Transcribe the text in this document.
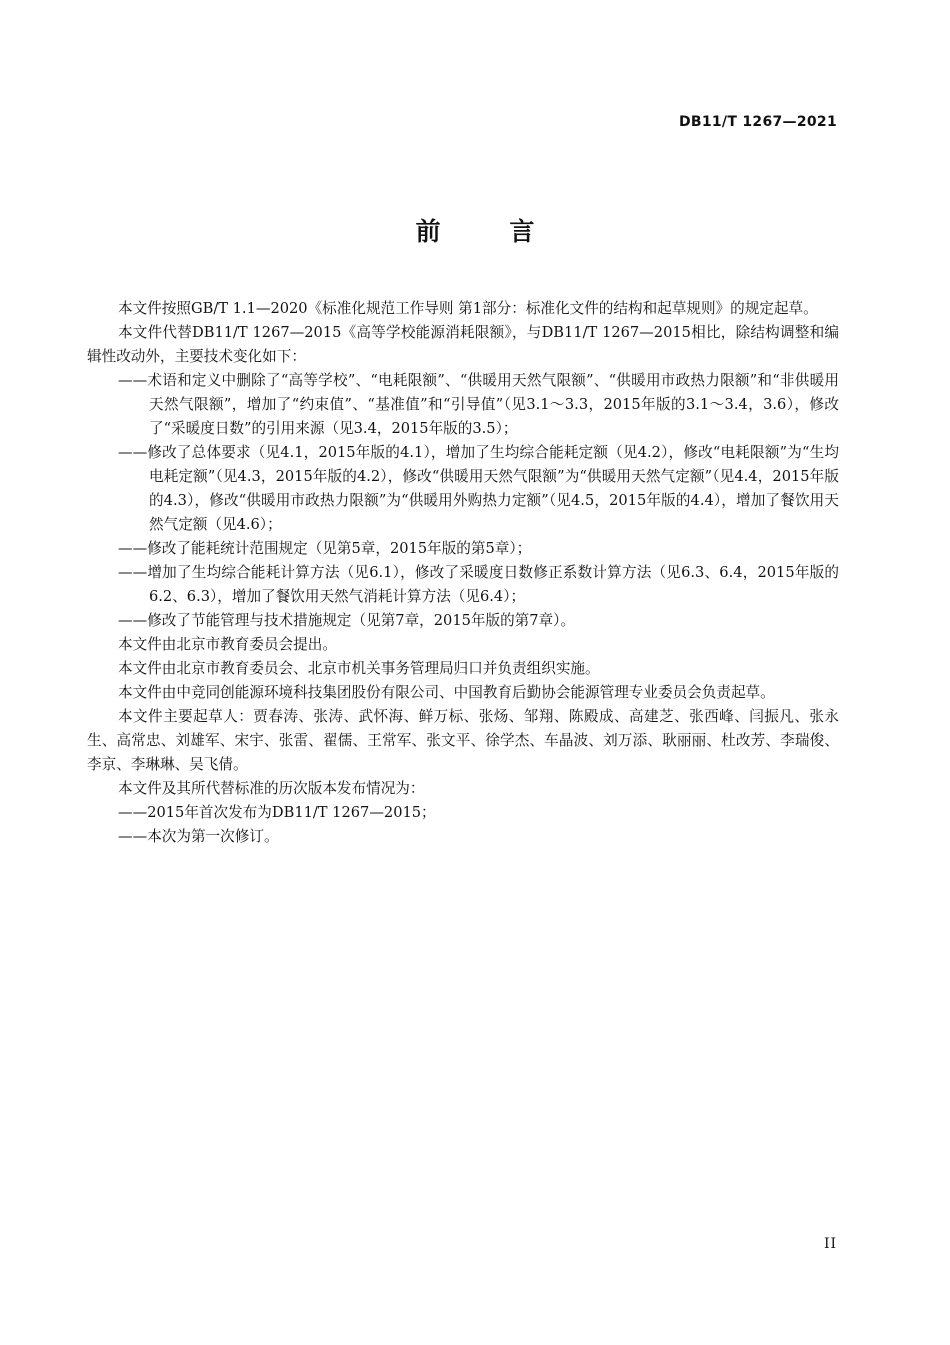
DB11/T 1267—2021
前 言

本文件按照GB/T 1.1—2020《标准化规范工作导则 第1部分：标准化文件的结构和起草规则》的规定起草。

本文件代替DB11/T 1267—2015《高等学校能源消耗限额》，与DB11/T 1267—2015相比，除结构调整和编辑性改动外，主要技术变化如下：

——术语和定义中删除了“高等学校”、“电耗限额”、“供暖用天然气限额”、“供暖用市政热力限额”和“非供暖用天然气限额”，增加了“约束值”、“基准值”和“引导值”（见3.1～3.3，2015年版的3.1～3.4，3.6），修改了“采暖度日数”的引用来源（见3.4，2015年版的3.5）；

——修改了总体要求（见4.1，2015年版的4.1），增加了生均综合能耗定额（见4.2），修改“电耗限额”为“生均电耗定额”（见4.3，2015年版的4.2），修改“供暖用天然气限额”为“供暖用天然气定额”（见4.4，2015年版的4.3），修改“供暖用市政热力限额”为“供暖用外购热力定额”（见4.5，2015年版的4.4），增加了餐饮用天然气定额（见4.6）；

——修改了能耗统计范围规定（见第5章，2015年版的第5章）；

——增加了生均综合能耗计算方法（见6.1），修改了采暖度日数修正系数计算方法（见6.3、6.4，2015年版的6.2、6.3），增加了餐饮用天然气消耗计算方法（见6.4）；

——修改了节能管理与技术措施规定（见第7章，2015年版的第7章）。

本文件由北京市教育委员会提出。

本文件由北京市教育委员会、北京市机关事务管理局归口并负责组织实施。

本文件由中竞同创能源环境科技集团股份有限公司、中国教育后勤协会能源管理专业委员会负责起草。

本文件主要起草人：贾春涛、张涛、武怀海、鲜万标、张炀、邹翔、陈殿成、高建芝、张西峰、闫振凡、张永生、高常忠、刘雄军、宋宇、张雷、翟儒、王常军、张文平、徐学杰、车晶波、刘万添、耿丽丽、杜改芳、李瑞俊、李京、李琳琳、吴飞倩。

本文件及其所代替标准的历次版本发布情况为：

——2015年首次发布为DB11/T 1267—2015；

——本次为第一次修订。

II
